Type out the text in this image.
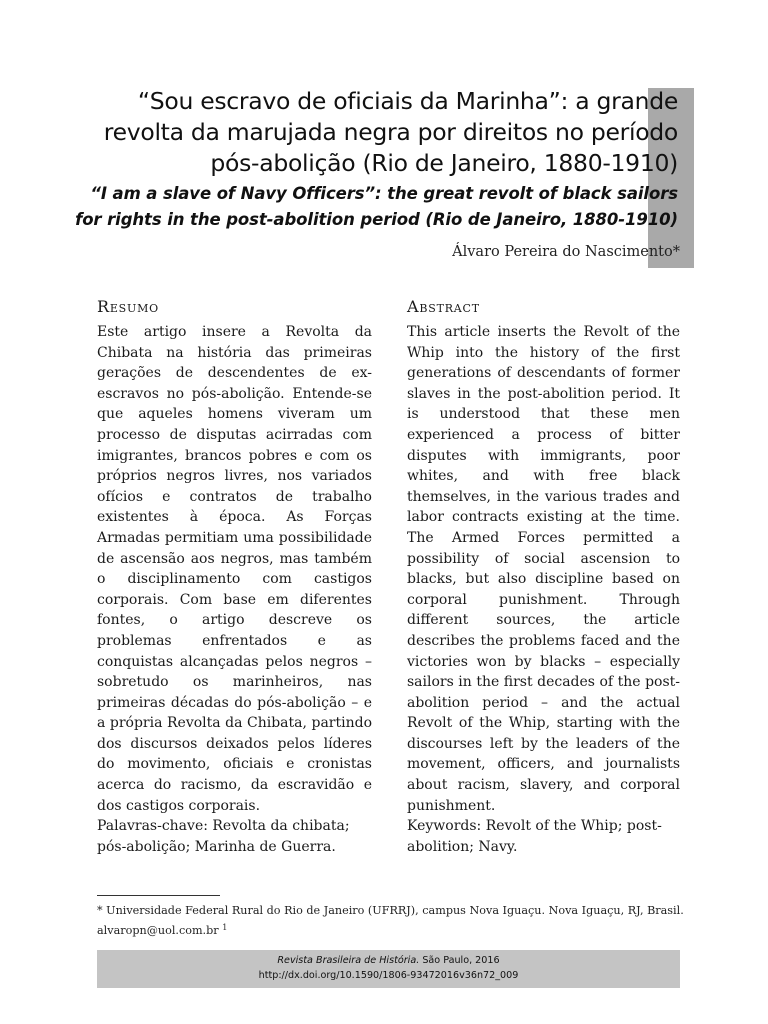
“Sou escravo de oficiais da Marinha”: a grande revolta da marujada negra por direitos no período pós-abolição (Rio de Janeiro, 1880-1910)
“I am a slave of Navy Officers”: the great revolt of black sailors for rights in the post-abolition period (Rio de Janeiro, 1880-1910)
Álvaro Pereira do Nascimento*
Resumo

Este artigo insere a Revolta da Chibata na história das primeiras gerações de descendentes de ex-escravos no pós-abolição. Entende-se que aqueles homens viveram um processo de disputas acirradas com imigrantes, brancos pobres e com os próprios negros livres, nos variados ofícios e contratos de trabalho existentes à época. As Forças Armadas permitiam uma possibilidade de ascensão aos negros, mas também o disciplinamento com castigos corporais. Com base em diferentes fontes, o artigo descreve os problemas enfrentados e as conquistas alcançadas pelos negros – sobretudo os marinheiros, nas primeiras décadas do pós-abolição – e a própria Revolta da Chibata, partindo dos discursos deixados pelos líderes do movimento, oficiais e cronistas acerca do racismo, da escravidão e dos castigos corporais.

Palavras-chave: Revolta da chibata; pós-abolição; Marinha de Guerra.

Abstract

This article inserts the Revolt of the Whip into the history of the first generations of descendants of former slaves in the post-abolition period. It is understood that these men experienced a process of bitter disputes with immigrants, poor whites, and with free black themselves, in the various trades and labor contracts existing at the time. The Armed Forces permitted a possibility of social ascension to blacks, but also discipline based on corporal punishment. Through different sources, the article describes the problems faced and the victories won by blacks – especially sailors in the first decades of the post-abolition period – and the actual Revolt of the Whip, starting with the discourses left by the leaders of the movement, officers, and journalists about racism, slavery, and corporal punishment.

Keywords: Revolt of the Whip; post-abolition; Navy.

* Universidade Federal Rural do Rio de Janeiro (UFRRJ), campus Nova Iguaçu. Nova Iguaçu, RJ, Brasil. alvaropn@uol.com.br $^1$
Revista Brasileira de História. São Paulo, 2016
http://dx.doi.org/10.1590/1806-93472016v36n72_009
